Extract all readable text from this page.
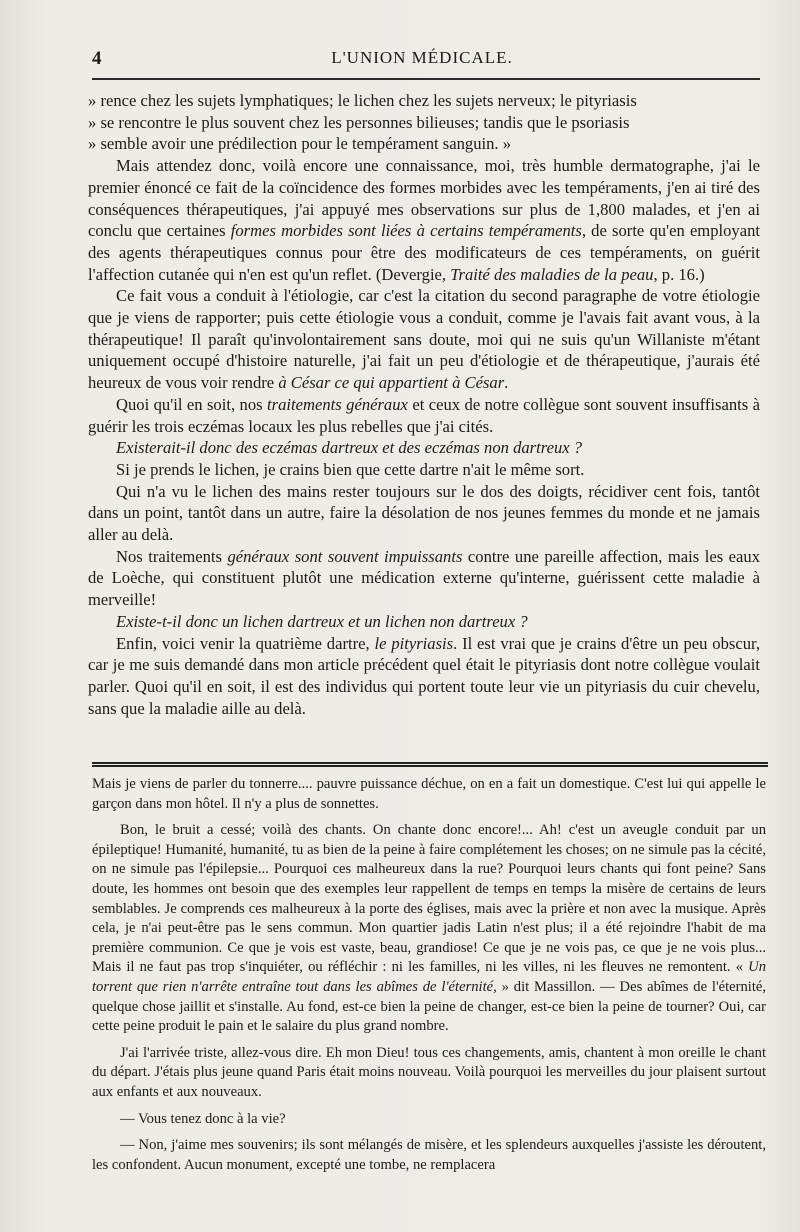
4	L'UNION MÉDICALE.

» rence chez les sujets lymphatiques; le lichen chez les sujets nerveux; le pityriasis

» se rencontre le plus souvent chez les personnes bilieuses; tandis que le psoriasis

» semble avoir une prédilection pour le tempérament sanguin. »

Mais attendez donc, voilà encore une connaissance, moi, très humble dermatographe, j'ai le premier énoncé ce fait de la coïncidence des formes morbides avec les tempéraments, j'en ai tiré des conséquences thérapeutiques, j'ai appuyé mes observations sur plus de 1,800 malades, et j'en ai conclu que certaines formes morbides sont liées à certains tempéraments, de sorte qu'en employant des agents thérapeutiques connus pour être des modificateurs de ces tempéraments, on guérit l'affection cutanée qui n'en est qu'un reflet. (Devergie, Traité des maladies de la peau, p. 16.)

Ce fait vous a conduit à l'étiologie, car c'est la citation du second paragraphe de votre étiologie que je viens de rapporter; puis cette étiologie vous a conduit, comme je l'avais fait avant vous, à la thérapeutique! Il paraît qu'involontairement sans doute, moi qui ne suis qu'un Willaniste m'étant uniquement occupé d'histoire naturelle, j'ai fait un peu d'étiologie et de thérapeutique, j'aurais été heureux de vous voir rendre à César ce qui appartient à César.

Quoi qu'il en soit, nos traitements généraux et ceux de notre collègue sont souvent insuffisants à guérir les trois eczémas locaux les plus rebelles que j'ai cités.

Existerait-il donc des eczémas dartreux et des eczémas non dartreux ?

Si je prends le lichen, je crains bien que cette dartre n'ait le même sort.

Qui n'a vu le lichen des mains rester toujours sur le dos des doigts, récidiver cent fois, tantôt dans un point, tantôt dans un autre, faire la désolation de nos jeunes femmes du monde et ne jamais aller au delà.

Nos traitements généraux sont souvent impuissants contre une pareille affection, mais les eaux de Loèche, qui constituent plutôt une médication externe qu'interne, guérissent cette maladie à merveille!

Existe-t-il donc un lichen dartreux et un lichen non dartreux ?

Enfin, voici venir la quatrième dartre, le pityriasis. Il est vrai que je crains d'être un peu obscur, car je me suis demandé dans mon article précédent quel était le pityriasis dont notre collègue voulait parler. Quoi qu'il en soit, il est des individus qui portent toute leur vie un pityriasis du cuir chevelu, sans que la maladie aille au delà.

Mais je viens de parler du tonnerre.... pauvre puissance déchue, on en a fait un domestique. C'est lui qui appelle le garçon dans mon hôtel. Il n'y a plus de sonnettes.

Bon, le bruit a cessé; voilà des chants. On chante donc encore!... Ah! c'est un aveugle conduit par un épileptique! Humanité, humanité, tu as bien de la peine à faire complétement les choses; on ne simule pas la cécité, on ne simule pas l'épilepsie... Pourquoi ces malheureux dans la rue? Pourquoi leurs chants qui font peine? Sans doute, les hommes ont besoin que des exemples leur rappellent de temps en temps la misère de certains de leurs semblables. Je comprends ces malheureux à la porte des églises, mais avec la prière et non avec la musique. Après cela, je n'ai peut-être pas le sens commun. Mon quartier jadis Latin n'est plus; il a été rejoindre l'habit de ma première communion. Ce que je vois est vaste, beau, grandiose! Ce que je ne vois pas, ce que je ne vois plus... Mais il ne faut pas trop s'inquiéter, ou réfléchir : ni les familles, ni les villes, ni les fleuves ne remontent. « Un torrent que rien n'arrête entraîne tout dans les abîmes de l'éternité, » dit Massillon. — Des abîmes de l'éternité, quelque chose jaillit et s'installe. Au fond, est-ce bien la peine de changer, est-ce bien la peine de tourner? Oui, car cette peine produit le pain et le salaire du plus grand nombre.

J'ai l'arrivée triste, allez-vous dire. Eh mon Dieu! tous ces changements, amis, chantent à mon oreille le chant du départ. J'étais plus jeune quand Paris était moins nouveau. Voilà pourquoi les merveilles du jour plaisent surtout aux enfants et aux nouveaux.

— Vous tenez donc à la vie?

— Non, j'aime mes souvenirs; ils sont mélangés de misère, et les splendeurs auxquelles j'assiste les déroutent, les confondent. Aucun monument, excepté une tombe, ne remplacera
